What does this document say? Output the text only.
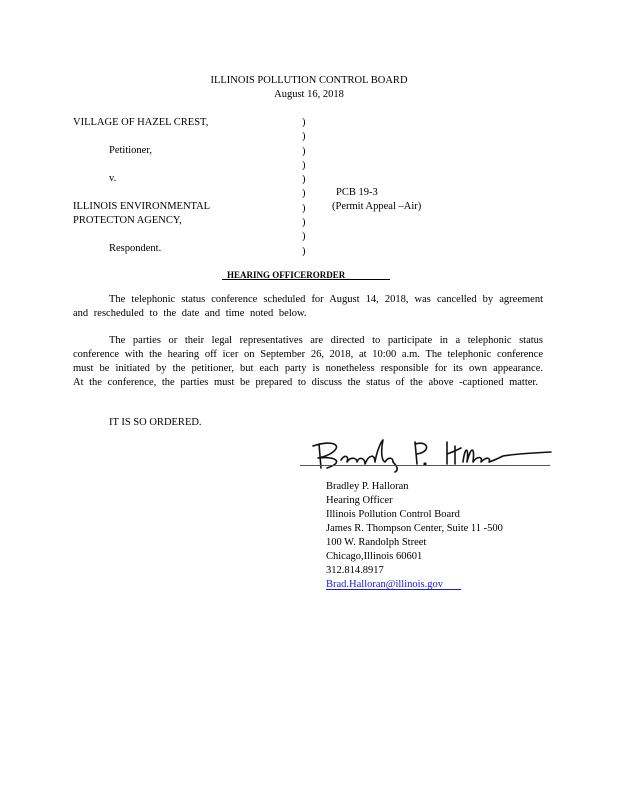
ILLINOIS POLLUTION CONTROL BOARD
August 16, 2018
VILLAGE OF HAZEL CREST,
Petitioner,
v.
ILLINOIS ENVIRONMENTAL
PROTECTON AGENCY,
Respondent.
)
)
)
)
)
)
)
)
)
)
PCB 19-3
(Permit Appeal –Air)
HEARING OFFICERORDER
The telephonic status conference scheduled for August 14, 2018, was cancelled by agreement and rescheduled to the date and time noted below.
The parties or their legal representatives are directed to participate in a telephonic status conference with the hearing off icer on September 26, 2018, at 10:00 a.m. The telephonic conference must be initiated by the petitioner, but each party is nonetheless responsible for its own appearance. At the conference, the parties must be prepared to discuss the status of the above -captioned matter.
IT IS SO ORDERED.
Bradley P. Halloran
Hearing Officer
Illinois Pollution Control Board
James R. Thompson Center, Suite 11 -500
100 W. Randolph Street
Chicago,Illinois 60601
312.814.8917
Brad.Halloran@illinois.gov
